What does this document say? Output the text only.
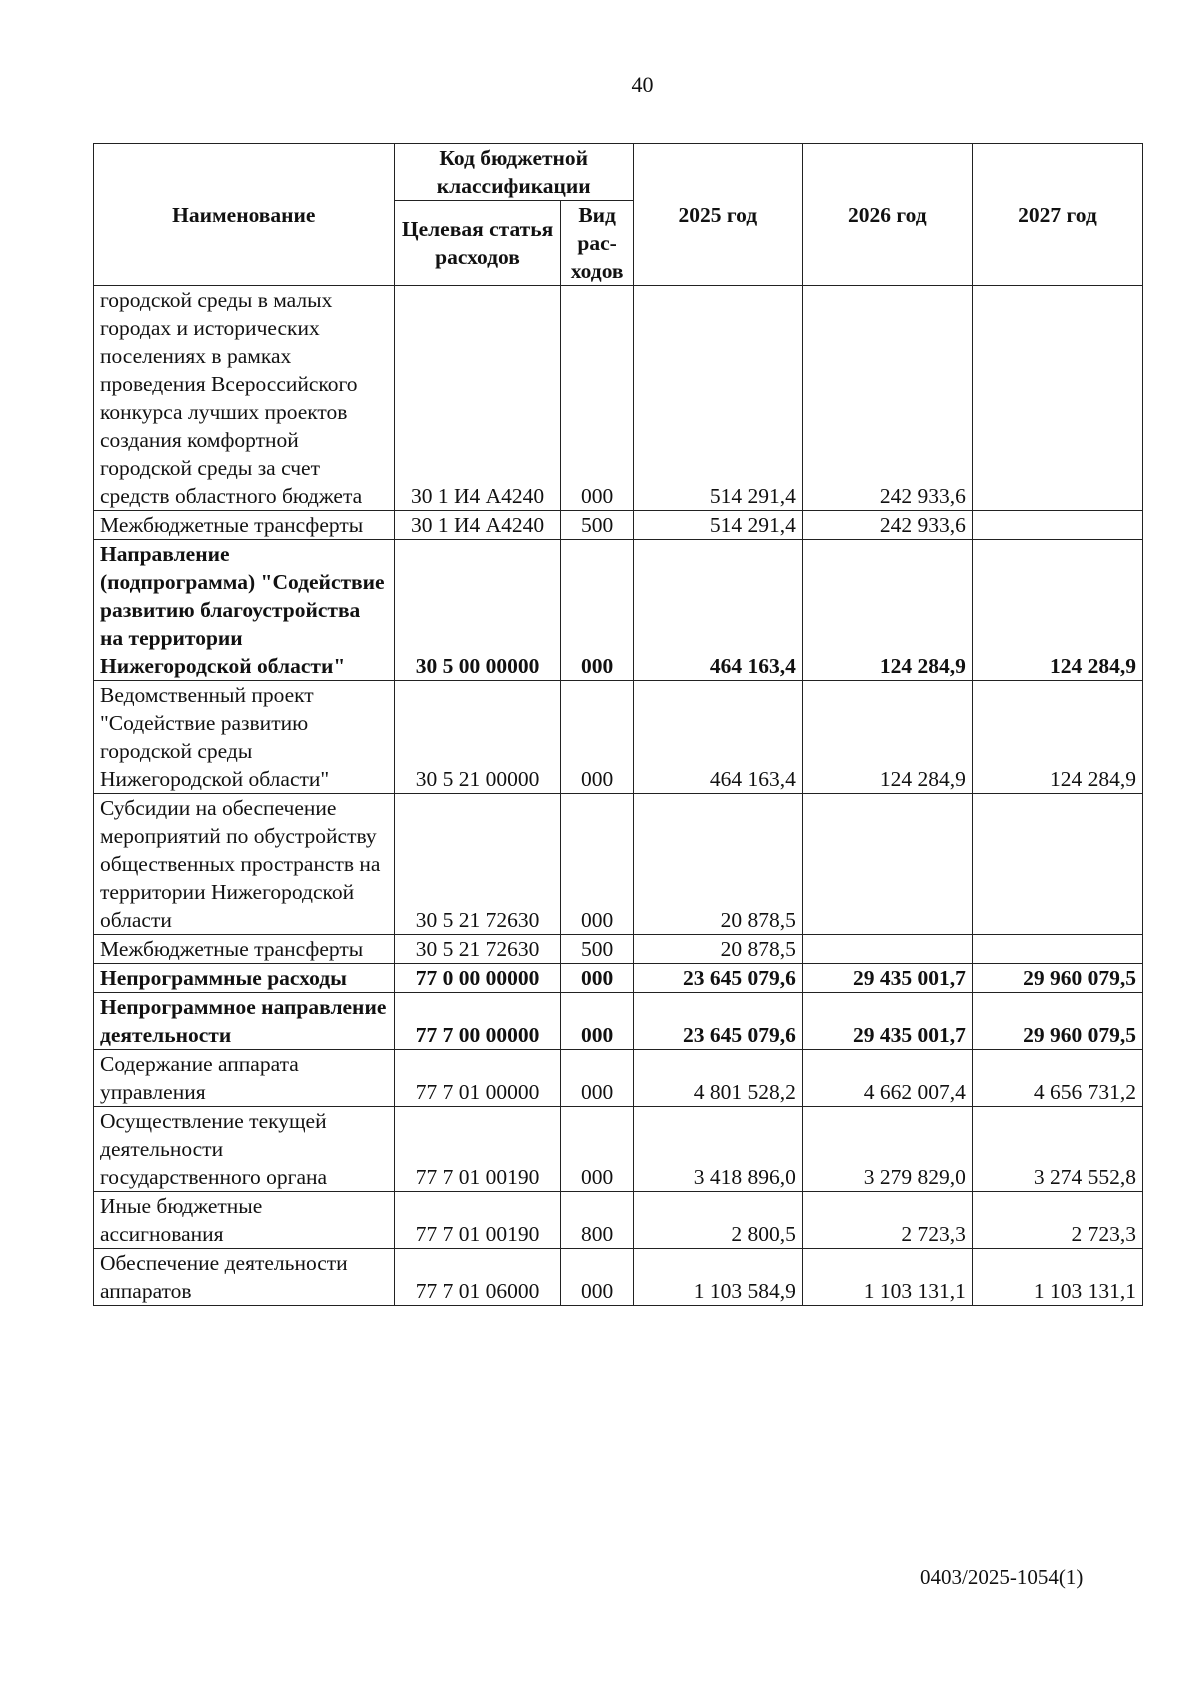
40
Наименование	Код бюджетной классификации		2025 год	2026 год	2027 год
	Целевая статья расходов	Вид рас-ходов			
городской среды в малых городах и исторических поселениях в рамках проведения Всероссийского конкурса лучших проектов создания комфортной городской среды за счет средств областного бюджета	30 1 И4 А4240	000	514 291,4	242 933,6	
Межбюджетные трансферты	30 1 И4 А4240	500	514 291,4	242 933,6	
Направление (подпрограмма) "Содействие развитию благоустройства на территории Нижегородской области"	30 5 00 00000	000	464 163,4	124 284,9	124 284,9
Ведомственный проект "Содействие развитию городской среды Нижегородской области"	30 5 21 00000	000	464 163,4	124 284,9	124 284,9
Субсидии на обеспечение мероприятий по обустройству общественных пространств на территории Нижегородской области	30 5 21 72630	000	20 878,5		
Межбюджетные трансферты	30 5 21 72630	500	20 878,5		
Непрограммные расходы	77 0 00 00000	000	23 645 079,6	29 435 001,7	29 960 079,5
Непрограммное направление деятельности	77 7 00 00000	000	23 645 079,6	29 435 001,7	29 960 079,5
Содержание аппарата управления	77 7 01 00000	000	4 801 528,2	4 662 007,4	4 656 731,2
Осуществление текущей деятельности государственного органа	77 7 01 00190	000	3 418 896,0	3 279 829,0	3 274 552,8
Иные бюджетные ассигнования	77 7 01 00190	800	2 800,5	2 723,3	2 723,3
Обеспечение деятельности аппаратов	77 7 01 06000	000	1 103 584,9	1 103 131,1	1 103 131,1
0403/2025-1054(1)
